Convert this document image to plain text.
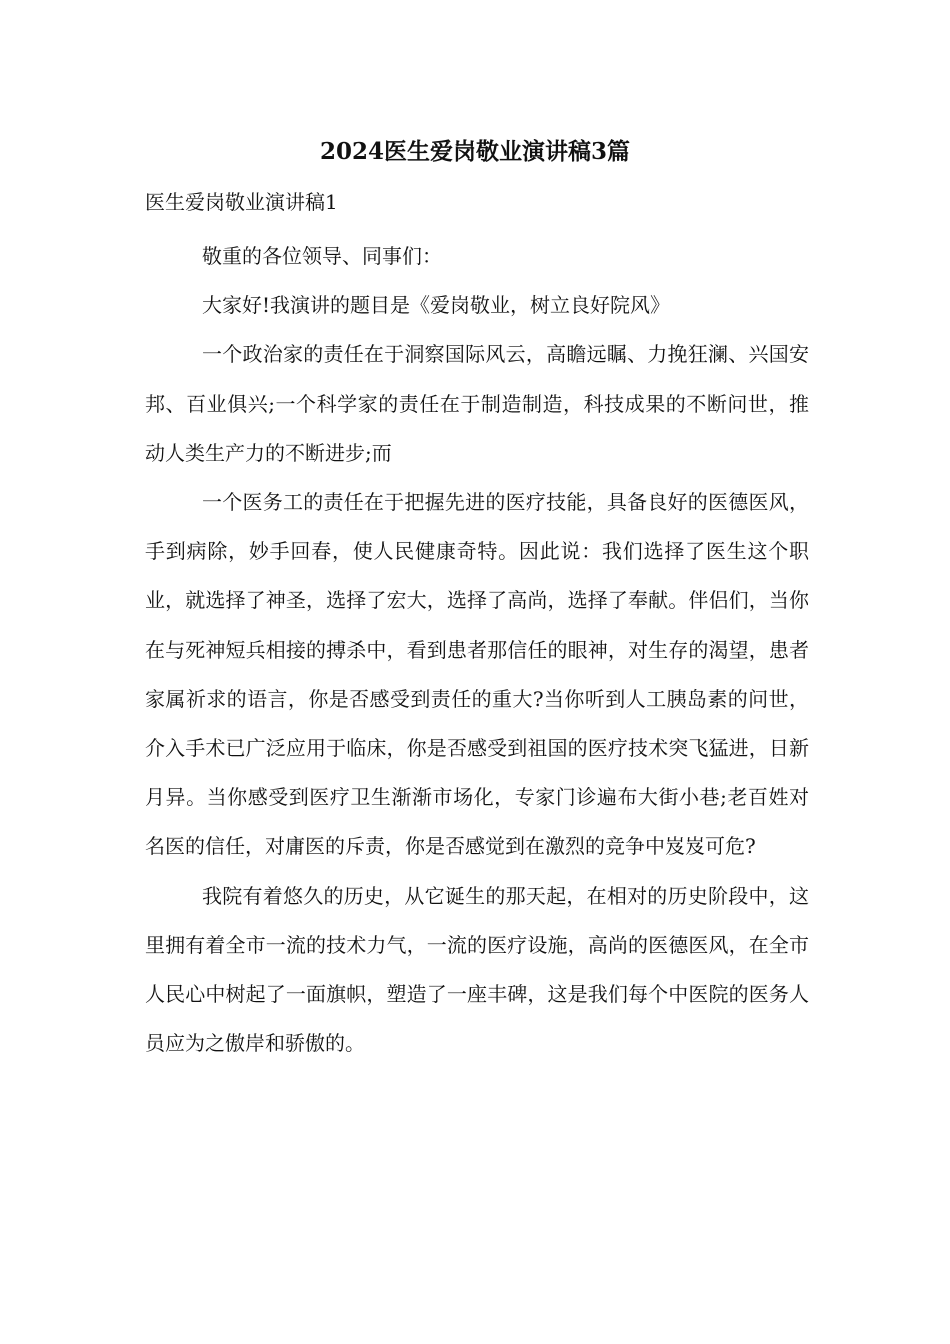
2024医生爱岗敬业演讲稿3篇

医生爱岗敬业演讲稿1

敬重的各位领导、同事们：

大家好!我演讲的题目是《爱岗敬业，树立良好院风》

一个政治家的责任在于洞察国际风云，高瞻远瞩、力挽狂澜、兴国安邦、百业俱兴;一个科学家的责任在于制造制造，科技成果的不断问世，推动人类生产力的不断进步;而

一个医务工的责任在于把握先进的医疗技能，具备良好的医德医风，手到病除，妙手回春，使人民健康奇特。因此说：我们选择了医生这个职业，就选择了神圣，选择了宏大，选择了高尚，选择了奉献。伴侣们，当你在与死神短兵相接的搏杀中，看到患者那信任的眼神，对生存的渴望，患者家属祈求的语言，你是否感受到责任的重大?当你听到人工胰岛素的问世，介入手术已广泛应用于临床，你是否感受到祖国的医疗技术突飞猛进，日新月异。当你感受到医疗卫生渐渐市场化，专家门诊遍布大街小巷;老百姓对名医的信任，对庸医的斥责，你是否感觉到在激烈的竞争中岌岌可危?

我院有着悠久的历史，从它诞生的那天起，在相对的历史阶段中，这里拥有着全市一流的技术力气，一流的医疗设施，高尚的医德医风，在全市人民心中树起了一面旗帜，塑造了一座丰碑，这是我们每个中医院的医务人员应为之傲岸和骄傲的。
